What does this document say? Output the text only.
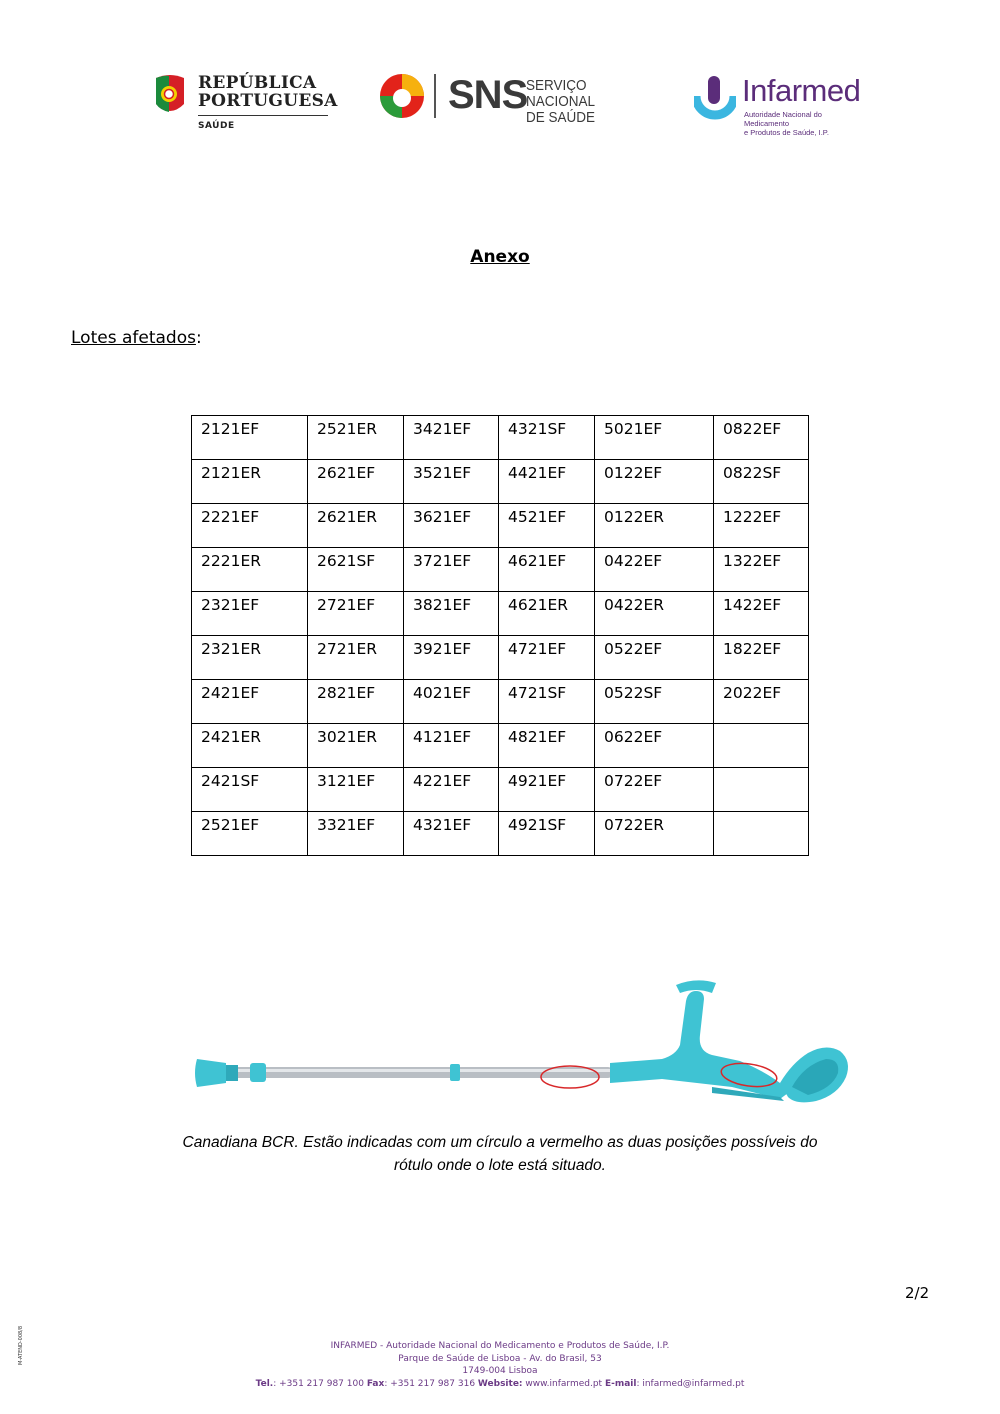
REPÚBLICA
PORTUGUESA
SAÚDE
SNS
SERVIÇO NACIONAL
DE SAÚDE
Infarmed
Autoridade Nacional do Medicamento
e Produtos de Saúde, I.P.
Anexo
Lotes afetados:
2121EF	2521ER	3421EF	4321SF	5021EF	0822EF
2121ER	2621EF	3521EF	4421EF	0122EF	0822SF
2221EF	2621ER	3621EF	4521EF	0122ER	1222EF
2221ER	2621SF	3721EF	4621EF	0422EF	1322EF
2321EF	2721EF	3821EF	4621ER	0422ER	1422EF
2321ER	2721ER	3921EF	4721EF	0522EF	1822EF
2421EF	2821EF	4021EF	4721SF	0522SF	2022EF
2421ER	3021ER	4121EF	4821EF	0622EF	
2421SF	3121EF	4221EF	4921EF	0722EF	
2521EF	3321EF	4321EF	4921SF	0722ER	
Canadiana BCR. Estão indicadas com um círculo a vermelho as duas posições possíveis do
rótulo onde o lote está situado.
2/2
M-ATEND-008/8	INFARMED - Autoridade Nacional do Medicamento e Produtos de Saúde, I.P.
Parque de Saúde de Lisboa - Av. do Brasil, 53
1749-004 Lisboa
Tel.: +351 217 987 100 Fax: +351 217 987 316 Website: www.infarmed.pt E-mail: infarmed@infarmed.pt
